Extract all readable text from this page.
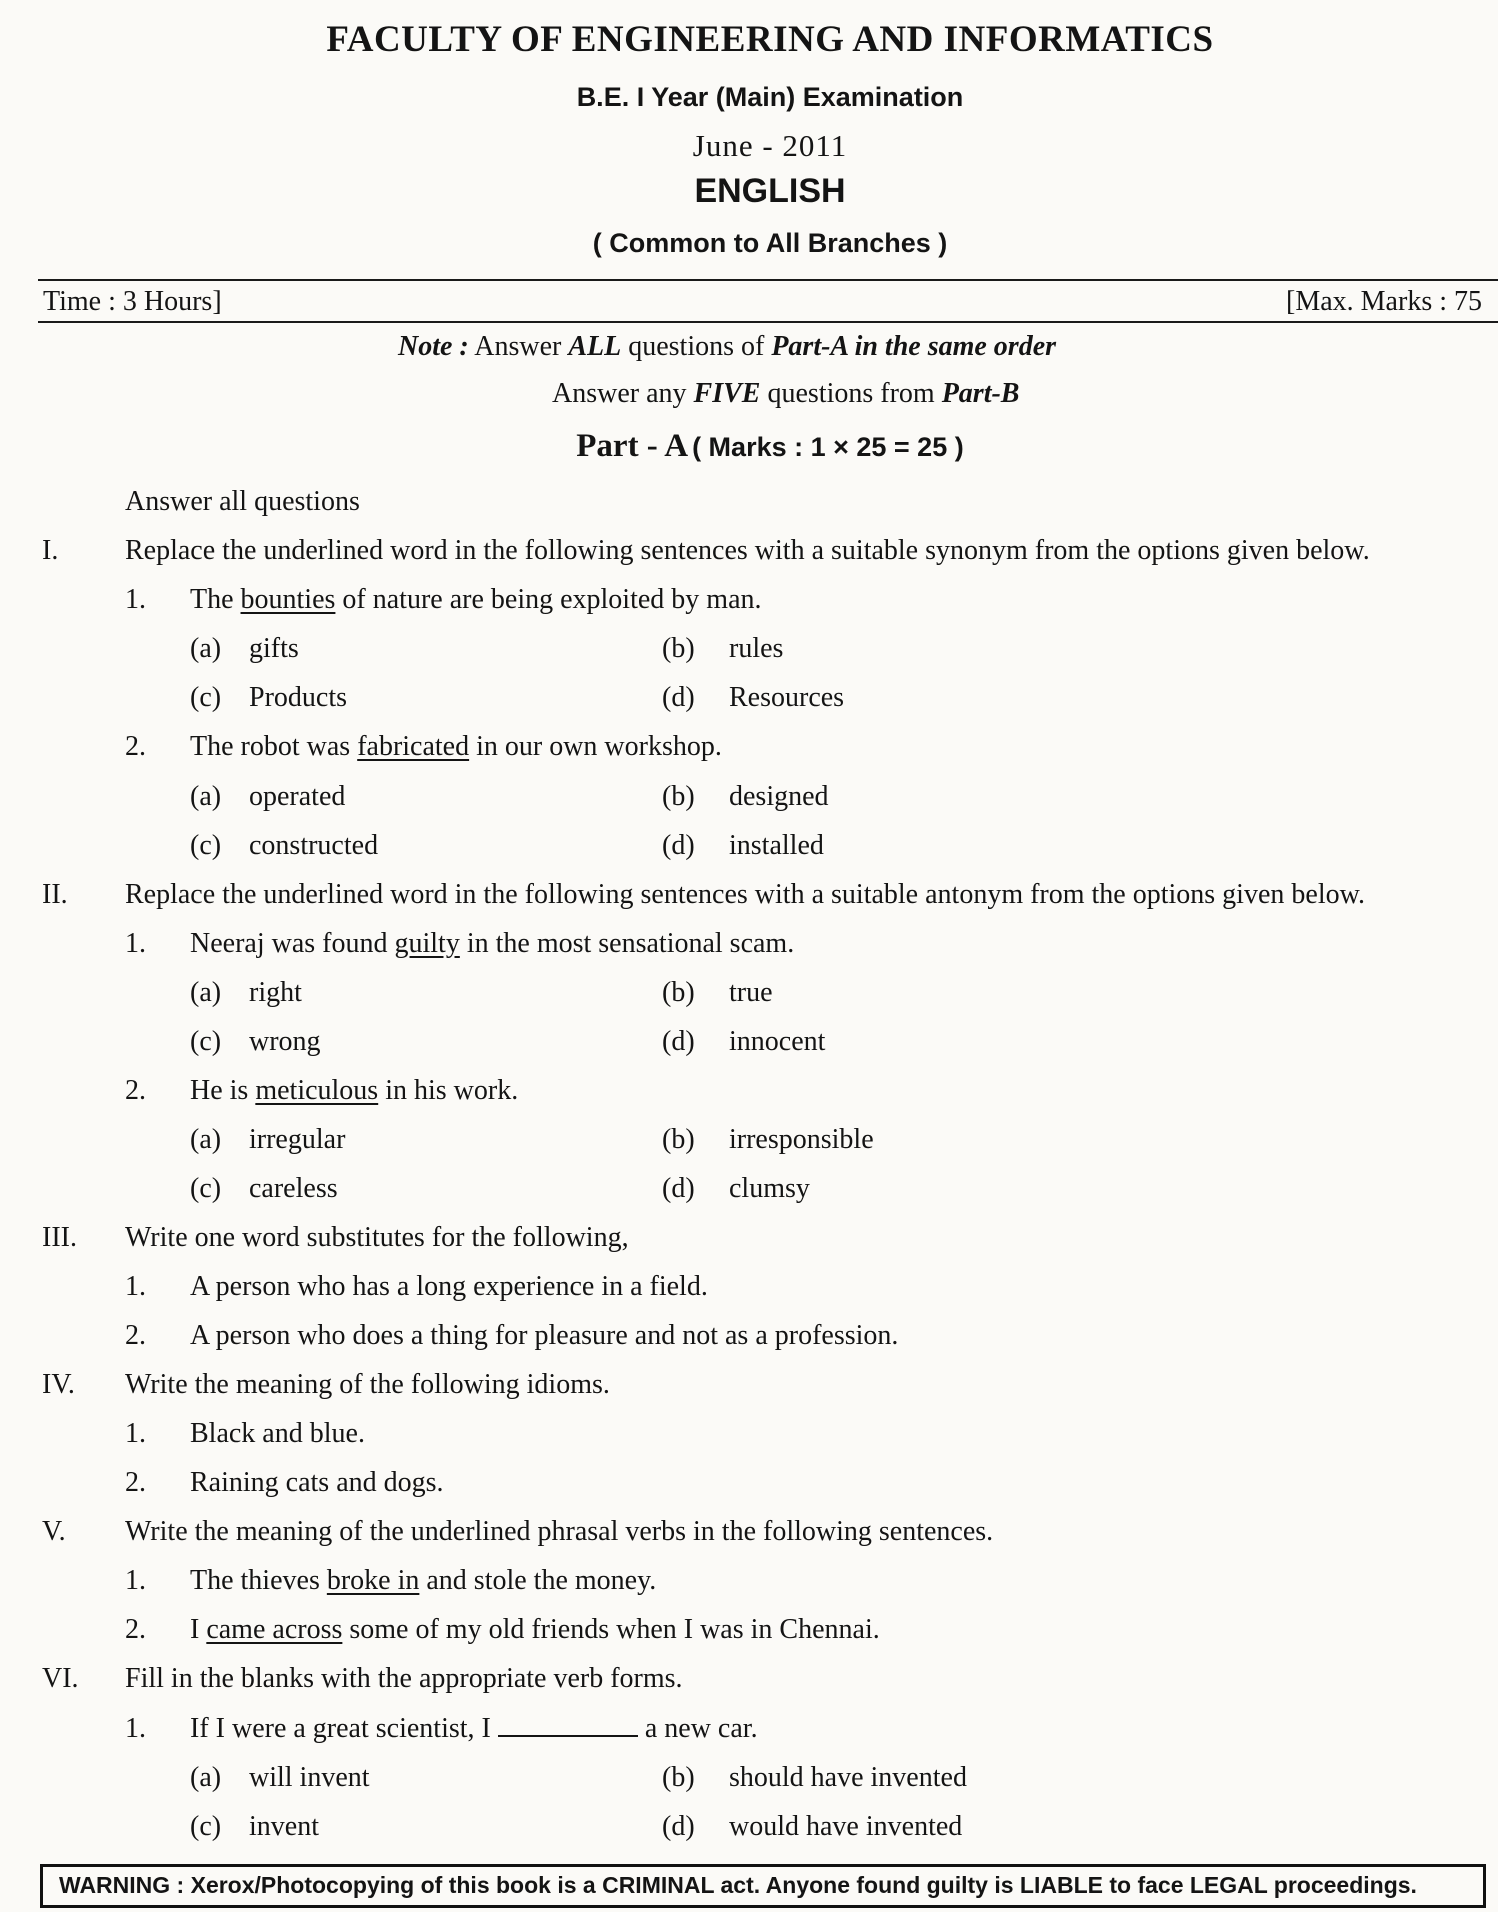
FACULTY OF ENGINEERING AND INFORMATICS
B.E. I Year (Main) Examination
June - 2011
ENGLISH
( Common to All Branches )
Time : 3 Hours]	[Max. Marks : 75
Note : Answer ALL questions of Part-A in the same order
Answer any FIVE questions from Part-B
Part - A ( Marks : 1 × 25 = 25 )
Answer all questions
I. Replace the underlined word in the following sentences with a suitable synonym from the options given below.
1. The bounties of nature are being exploited by man.
(a) gifts	(b) rules
(c) Products	(d) Resources
2. The robot was fabricated in our own workshop.
(a) operated	(b) designed
(c) constructed	(d) installed
II. Replace the underlined word in the following sentences with a suitable antonym from the options given below.
1. Neeraj was found guilty in the most sensational scam.
(a) right	(b) true
(c) wrong	(d) innocent
2. He is meticulous in his work.
(a) irregular	(b) irresponsible
(c) careless	(d) clumsy
III. Write one word substitutes for the following,
1. A person who has a long experience in a field.
2. A person who does a thing for pleasure and not as a profession.
IV. Write the meaning of the following idioms.
1. Black and blue.
2. Raining cats and dogs.
V. Write the meaning of the underlined phrasal verbs in the following sentences.
1. The thieves broke in and stole the money.
2. I came across some of my old friends when I was in Chennai.
VI. Fill in the blanks with the appropriate verb forms.
1. If I were a great scientist, I	a new car.
(a) will invent	(b) should have invented
(c) invent	(d) would have invented
WARNING : Xerox/Photocopying of this book is a CRIMINAL act. Anyone found guilty is LIABLE to face LEGAL proceedings.
